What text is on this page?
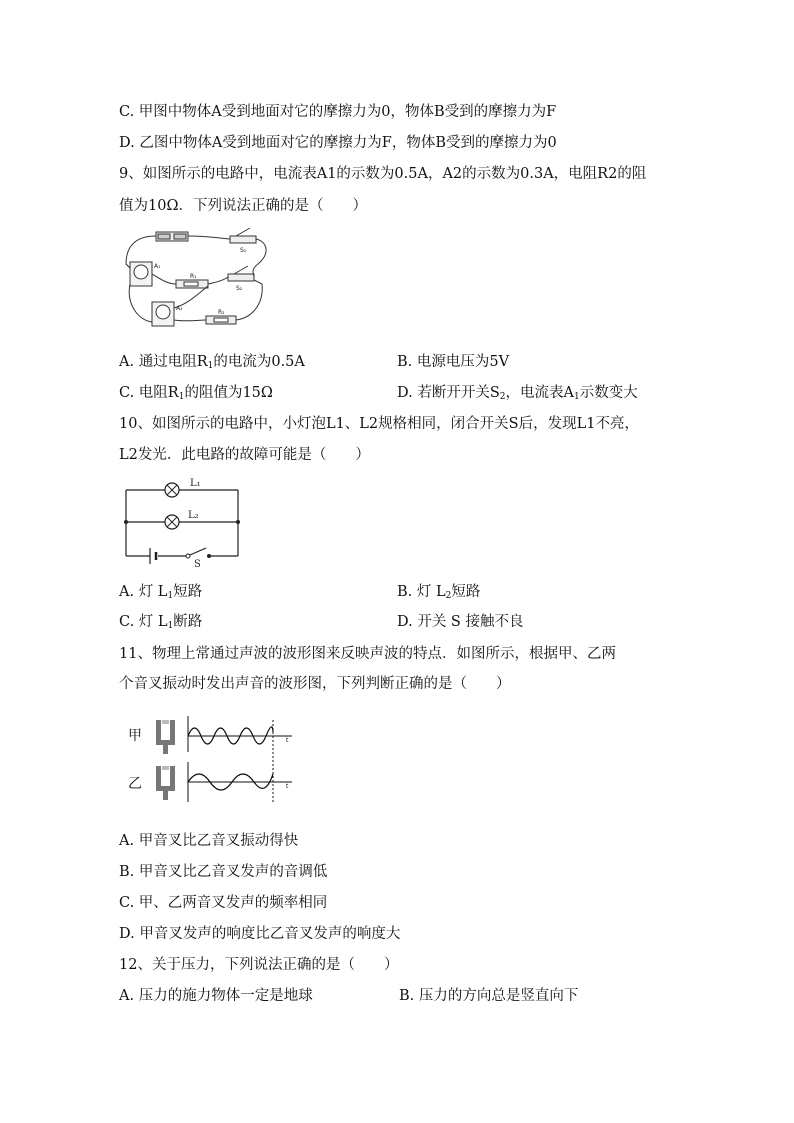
C. 甲图中物体A受到地面对它的摩擦力为0，物体B受到的摩擦力为F
D. 乙图中物体A受到地面对它的摩擦力为F，物体B受到的摩擦力为0
9、如图所示的电路中，电流表A1的示数为0.5A，A2的示数为0.3A，电阻R2的阻
值为10Ω．下列说法正确的是（　　）
A₁
R₁
S₁
S₂
A₂
R₂
A. 通过电阻$R_1$的电流为0.5A	B. 电源电压为5V
C. 电阻$R_1$的阻值为15Ω	D. 若断开开关$S_2$，电流表$A_1$示数变大
10、如图所示的电路中，小灯泡L1、L2规格相同，闭合开关S后，发现L1不亮，
L2发光．此电路的故障可能是（　　）
L₁
L₂
S
A. 灯 $L_1$短路	B. 灯 $L_2$短路
C. 灯 $L_1$断路	D. 开关 S 接触不良
11、物理上常通过声波的波形图来反映声波的特点．如图所示，根据甲、乙两
个音叉振动时发出声音的波形图，下列判断正确的是（　　）
甲
乙
t
t
A. 甲音叉比乙音叉振动得快
B. 甲音叉比乙音叉发声的音调低
C. 甲、乙两音叉发声的频率相同
D. 甲音叉发声的响度比乙音叉发声的响度大
12、关于压力，下列说法正确的是（　　）
A. 压力的施力物体一定是地球	B. 压力的方向总是竖直向下
